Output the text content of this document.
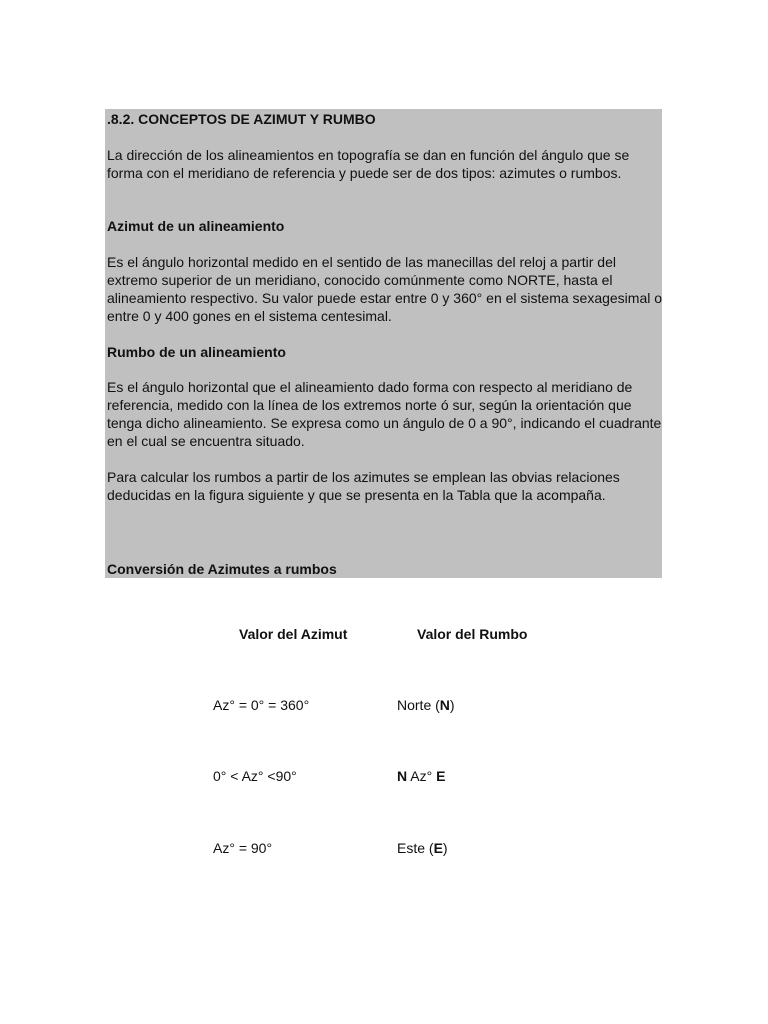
.8.2. CONCEPTOS DE AZIMUT Y RUMBO

La dirección de los alineamientos en topografía se dan en función del ángulo que se forma con el meridiano de referencia y puede ser de dos tipos: azimutes o rumbos.

Azimut de un alineamiento

Es el ángulo horizontal medido en el sentido de las manecillas del reloj a partir del extremo superior de un meridiano, conocido comúnmente como NORTE, hasta el alineamiento respectivo. Su valor puede estar entre 0 y 360° en el sistema sexagesimal o entre 0 y 400 gones en el sistema centesimal.

Rumbo de un alineamiento

Es el ángulo horizontal que el alineamiento dado forma con respecto al meridiano de referencia, medido con la línea de los extremos norte ó sur, según la orientación que tenga dicho alineamiento. Se expresa como un ángulo de 0 a 90°, indicando el cuadrante en el cual se encuentra situado.

Para calcular los rumbos a partir de los azimutes se emplean las obvias relaciones deducidas en la figura siguiente y que se presenta en la Tabla que la acompaña.

Conversión de Azimutes a rumbos

Valor del Azimut	Valor del Rumbo
Az° = 0° = 360°	Norte (N)
0° < Az° <90°	N Az° E
Az° = 90°	Este (E)
